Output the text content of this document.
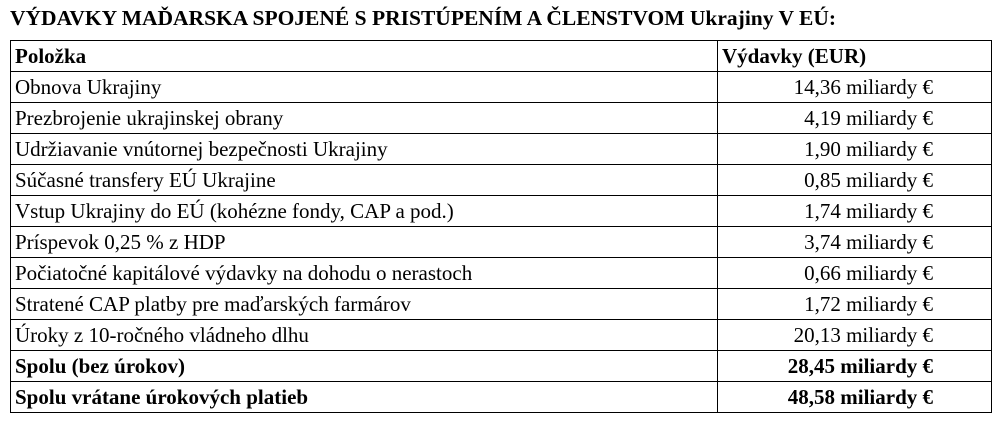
VÝDAVKY MAĎARSKA SPOJENÉ S PRISTÚPENÍM A ČLENSTVOM Ukrajiny V EÚ:
Položka	Výdavky (EUR)
Obnova Ukrajiny	14,36 miliardy €
Prezbrojenie ukrajinskej obrany	4,19 miliardy €
Udržiavanie vnútornej bezpečnosti Ukrajiny	1,90 miliardy €
Súčasné transfery EÚ Ukrajine	0,85 miliardy €
Vstup Ukrajiny do EÚ (kohézne fondy, CAP a pod.)	1,74 miliardy €
Príspevok 0,25 % z HDP	3,74 miliardy €
Počiatočné kapitálové výdavky na dohodu o nerastoch	0,66 miliardy €
Stratené CAP platby pre maďarských farmárov	1,72 miliardy €
Úroky z 10-ročného vládneho dlhu	20,13 miliardy €
Spolu (bez úrokov)	28,45 miliardy €
Spolu vrátane úrokových platieb	48,58 miliardy €
